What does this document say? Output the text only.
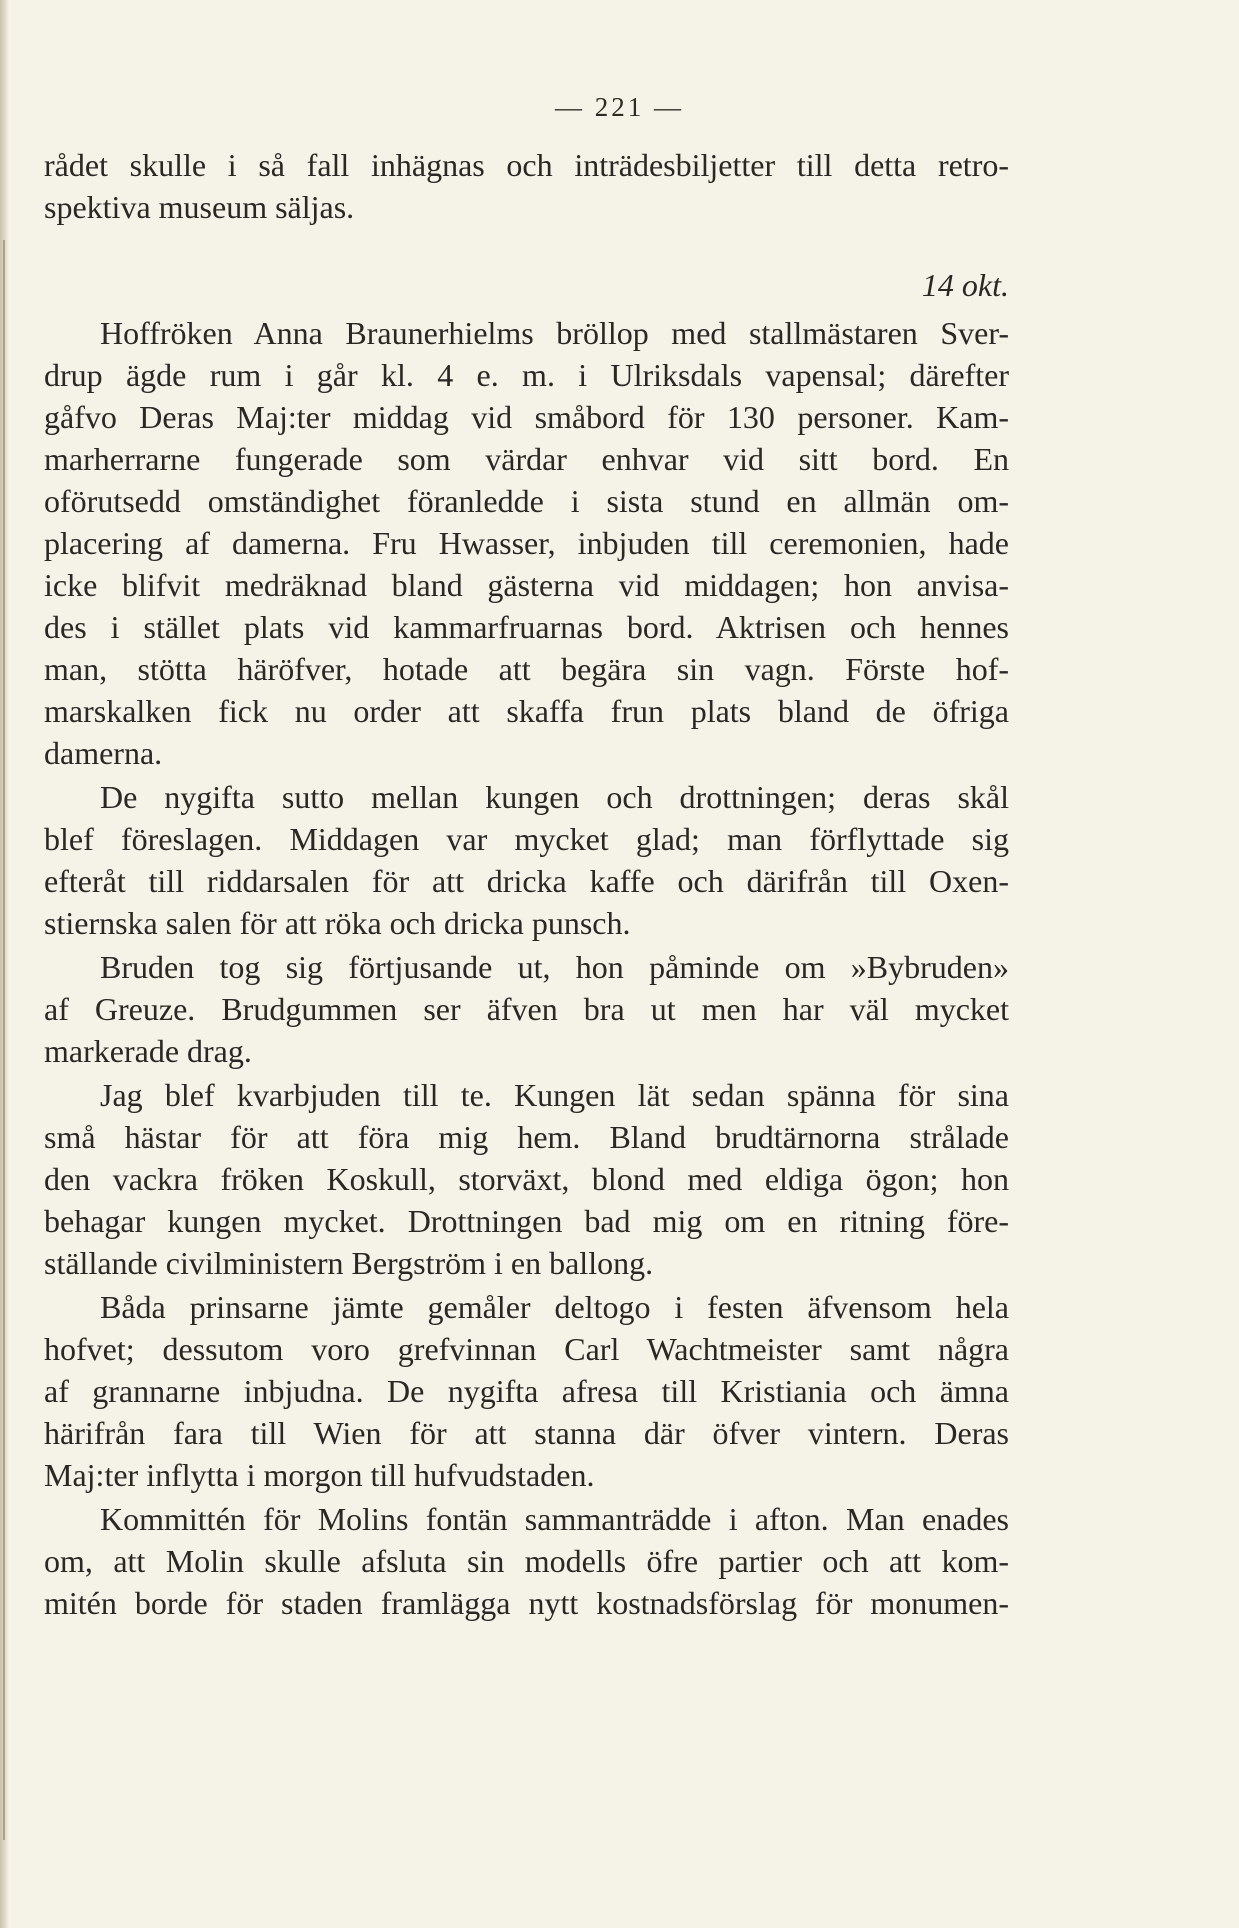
— 221 —
rådet skulle i så fall inhägnas och inträdesbiljetter till detta retro-
spektiva museum säljas.
14 okt.
Hoffröken Anna Braunerhielms bröllop med stallmästaren Sver-
drup ägde rum i går kl. 4 e. m. i Ulriksdals vapensal; därefter
gåfvo Deras Maj:ter middag vid småbord för 130 personer. Kam-
marherrarne fungerade som värdar enhvar vid sitt bord. En
oförutsedd omständighet föranledde i sista stund en allmän om-
placering af damerna. Fru Hwasser, inbjuden till ceremonien, hade
icke blifvit medräknad bland gästerna vid middagen; hon anvisa-
des i stället plats vid kammarfruarnas bord. Aktrisen och hennes
man, stötta häröfver, hotade att begära sin vagn. Förste hof-
marskalken fick nu order att skaffa frun plats bland de öfriga
damerna.
De nygifta sutto mellan kungen och drottningen; deras skål
blef föreslagen. Middagen var mycket glad; man förflyttade sig
efteråt till riddarsalen för att dricka kaffe och därifrån till Oxen-
stiernska salen för att röka och dricka punsch.
Bruden tog sig förtjusande ut, hon påminde om »Bybruden»
af Greuze. Brudgummen ser äfven bra ut men har väl mycket
markerade drag.
Jag blef kvarbjuden till te. Kungen lät sedan spänna för sina
små hästar för att föra mig hem. Bland brudtärnorna strålade
den vackra fröken Koskull, storväxt, blond med eldiga ögon; hon
behagar kungen mycket. Drottningen bad mig om en ritning före-
ställande civilministern Bergström i en ballong.
Båda prinsarne jämte gemåler deltogo i festen äfvensom hela
hofvet; dessutom voro grefvinnan Carl Wachtmeister samt några
af grannarne inbjudna. De nygifta afresa till Kristiania och ämna
härifrån fara till Wien för att stanna där öfver vintern. Deras
Maj:ter inflytta i morgon till hufvudstaden.
Kommittén för Molins fontän sammanträdde i afton. Man enades
om, att Molin skulle afsluta sin modells öfre partier och att kom-
mitén borde för staden framlägga nytt kostnadsförslag för monumen-
